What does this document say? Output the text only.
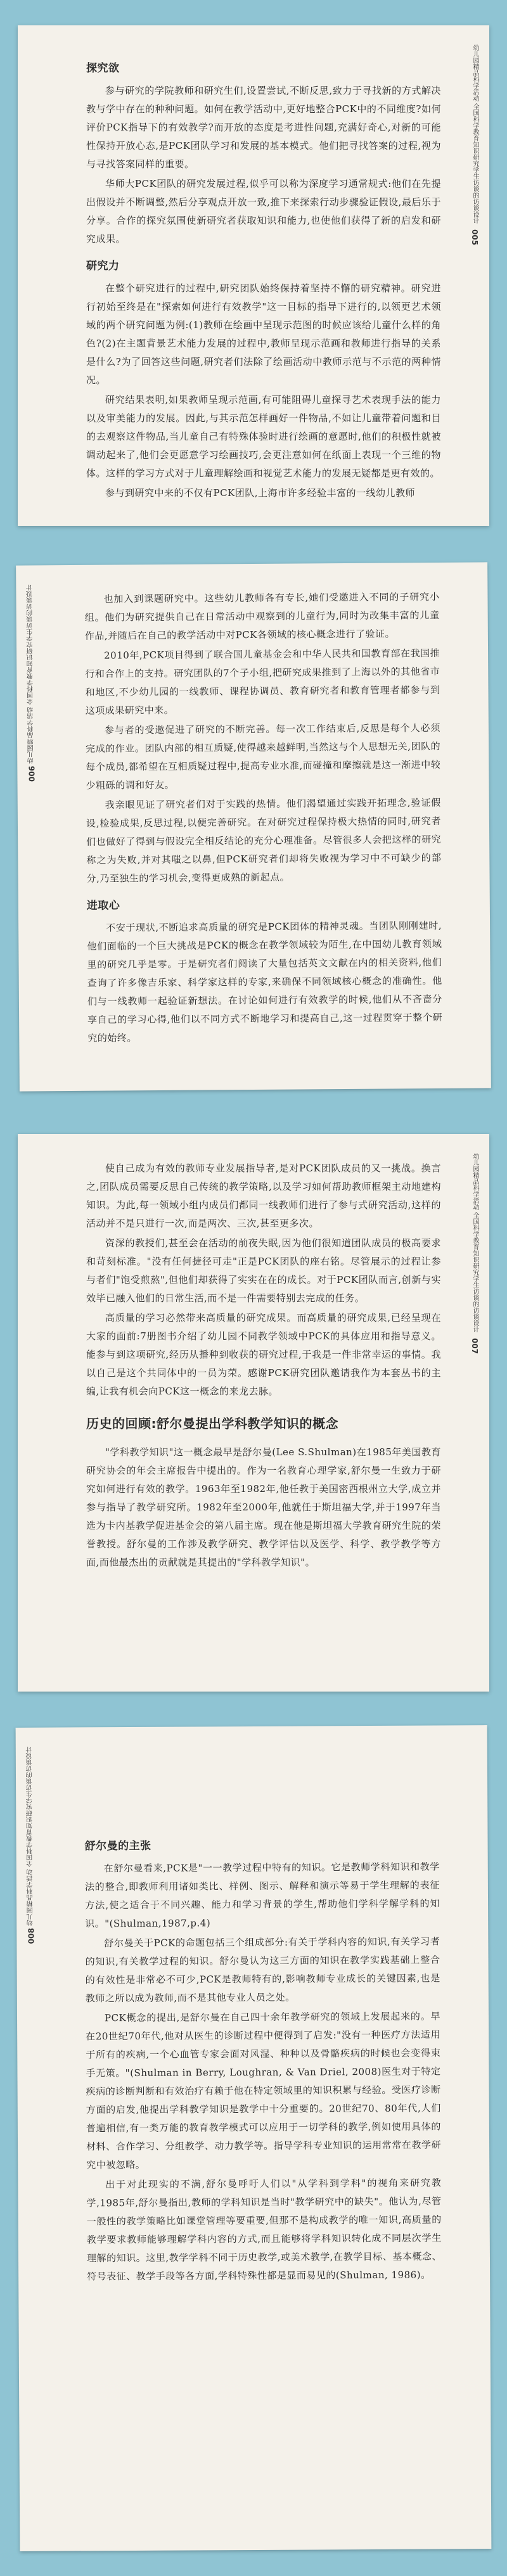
幼儿园精品科学活动 全国科学教育知识研究学生访谈的访谈设计 005
探究欲

参与研究的学院教师和研究生们,设置尝试,不断反思,致力于寻找新的方式解决教与学中存在的种种问题。如何在教学活动中,更好地整合PCK中的不同维度?如何评价PCK指导下的有效教学?而开放的态度是考进性问题,充满好奇心,对新的可能性保持开放心态,是PCK团队学习和发展的基本模式。他们把寻找答案的过程,视为与寻找答案同样的重要。

华师大PCK团队的研究发展过程,似乎可以称为深度学习通常规式:他们在先提出假设并不断调整,然后分享观点开放一致,推下来探索行动步骤验证假设,最后乐于分享。合作的探究氛围使新研究者获取知识和能力,也使他们获得了新的启发和研究成果。

研究力

在整个研究进行的过程中,研究团队始终保持着坚持不懈的研究精神。研究进行初始至终是在"探索如何进行有效教学"这一目标的指导下进行的,以领更艺术领域的两个研究问题为例:(1)教师在绘画中呈现示范图的时候应该给儿童什么样的角色?(2)在主题背景艺术能力发展的过程中,教师呈现示范画和教师进行指导的关系是什么?为了回答这些问题,研究者们法除了绘画活动中教师示范与不示范的两种情况。

研究结果表明,如果教师呈现示范画,有可能阻碍儿童探寻艺术表现手法的能力以及审美能力的发展。因此,与其示范怎样画好一件物品,不如让儿童带着问题和目的去观察这件物品,当儿童自己有特殊体验时进行绘画的意愿时,他们的积极性就被调动起来了,他们会更愿意学习绘画技巧,会更注意如何在纸面上表现一个三维的物体。这样的学习方式对于儿童理解绘画和视觉艺术能力的发展无疑都是更有效的。

参与到研究中来的不仅有PCK团队,上海市许多经验丰富的一线幼儿教师

006 幼儿园精品科学活动 全国科学教育知识研究学生访谈的访谈设计	也加入到课题研究中。这些幼儿教师各有专长,她们受邀进入不同的子研究小组。他们为研究提供自己在日常活动中观察到的儿童行为,同时为改集丰富的儿童作品,并随后在自己的教学活动中对PCK各领域的核心概念进行了验证。

2010年,PCK项目得到了联合国儿童基金会和中华人民共和国教育部在我国推行和合作上的支持。研究团队的7个子小组,把研究成果推到了上海以外的其他省市和地区,不少幼儿园的一线教师、课程协调员、教育研究者和教育管理者都参与到这项成果研究中来。

参与者的受邀促进了研究的不断完善。每一次工作结束后,反思是每个人必须完成的作业。团队内部的相互质疑,使得越来越鲜明,当然这与个人思想无关,团队的每个成员,都希望在互相质疑过程中,提高专业水准,而碰撞和摩擦就是这一渐进中较少粗砾的调和好友。

我亲眼见证了研究者们对于实践的热情。他们渴望通过实践开拓理念,验证假设,检验成果,反思过程,以便完善研究。在对研究过程保持极大热情的同时,研究者们也做好了得到与假设完全相反结论的充分心理准备。尽管很多人会把这样的研究称之为失败,并对其嗤之以鼻,但PCK研究者们却将失败视为学习中不可缺少的部分,乃至独生的学习机会,变得更成熟的新起点。

进取心

不安于现状,不断追求高质量的研究是PCK团体的精神灵魂。当团队刚刚建时,他们面临的一个巨大挑战是PCK的概念在教学领域较为陌生,在中国幼儿教育领域里的研究几乎是零。于是研究者们阅读了大量包括英文文献在内的相关资料,他们查询了许多像吉乐家、科学家这样的专家,来确保不同领域核心概念的准确性。他们与一线教师一起验证新想法。在讨论如何进行有效教学的时候,他们从不吝啬分享自己的学习心得,他们以不同方式不断地学习和提高自己,这一过程贯穿于整个研究的始终。

幼儿园精品科学活动 全国科学教育知识研究学生访谈的访谈设计 007

使自己成为有效的教师专业发展指导者,是对PCK团队成员的又一挑战。换言之,团队成员需要反思自己传统的教学策略,以及学习如何帮助教师框架主动地建构知识。为此,每一领域小组内成员们都同一线教师们进行了参与式研究活动,这样的活动并不是只进行一次,而是两次、三次,甚至更多次。

资深的教授们,甚至会在活动的前夜失眠,因为他们很知道团队成员的极高要求和苛刻标准。"没有任何捷径可走"正是PCK团队的座右铭。尽管展示的过程让参与者们"饱受煎熬",但他们却获得了实实在在的成长。对于PCK团队而言,创新与实效毕已融入他们的日常生活,而不是一件需要特别去完成的任务。

高质量的学习必然带来高质量的研究成果。而高质量的研究成果,已经呈现在大家的面前:7册图书介绍了幼儿园不同教学领域中PCK的具体应用和指导意义。能参与到这项研究,经历从播种到收获的研究过程,于我是一件非常幸运的事情。我以自己是这个共同体中的一员为荣。感谢PCK研究团队邀请我作为本套丛书的主编,让我有机会向PCK这一概念的来龙去脉。

历史的回顾:舒尔曼提出学科教学知识的概念

"学科教学知识"这一概念最早是舒尔曼(Lee S.Shulman)在1985年美国教育研究协会的年会主席报告中提出的。作为一名教育心理学家,舒尔曼一生致力于研究如何进行有效的教学。1963年至1982年,他任教于美国密西根州立大学,成立并参与指导了教学研究所。1982年至2000年,他就任于斯坦福大学,并于1997年当选为卡内基教学促进基金会的第八届主席。现在他是斯坦福大学教育研究生院的荣誉教授。舒尔曼的工作涉及教学研究、教学评估以及医学、科学、教学教学等方面,而他最杰出的贡献就是其提出的"学科教学知识"。

008 幼儿园精品科学活动 全国科学教育知识研究学生访谈的访谈设计	舒尔曼的主张

在舒尔曼看来,PCK是"一一教学过程中特有的知识。它是教师学科知识和教学法的整合,即教师利用诸如类比、样例、图示、解释和演示等易于学生理解的表征方法,使之适合于不同兴趣、能力和学习背景的学生,帮助他们学科学解学科的知识。"(Shulman,1987,p.4)

舒尔曼关于PCK的命题包括三个组成部分:有关于学科内容的知识,有关学习者的知识,有关教学过程的知识。舒尔曼认为这三方面的知识在教学实践基础上整合的有效性是非常必不可少,PCK是教师特有的,影响教师专业成长的关键因素,也是教师之所以成为教师,而不是其他专业人员之处。

PCK概念的提出,是舒尔曼在自己四十余年教学研究的领域上发展起来的。早在20世纪70年代,他对从医生的诊断过程中便得到了启发:"没有一种医疗方法适用于所有的疾病,一个心血管专家会面对风湿、种种以及骨骼疾病的时候也会变得束手无策。"(Shulman in Berry, Loughran, & Van Driel, 2008)医生对于特定疾病的诊断判断和有效治疗有赖于他在特定领域里的知识积累与经验。受医疗诊断方面的启发,他提出学科教学知识是教学中十分重要的。20世纪70、80年代,人们普遍相信,有一类万能的教育教学模式可以应用于一切学科的教学,例如使用具体的材料、合作学习、分组教学、动力教学等。指导学科专业知识的运用常常在教学研究中被忽略。

出于对此现实的不满,舒尔曼呼吁人们以"从学科到学科"的视角来研究教学,1985年,舒尔曼指出,教师的学科知识是当时"教学研究中的缺失"。他认为,尽管一般性的教学策略比如课堂管理等要重要,但那不是构成教学的唯一知识,高质量的教学要求教师能够理解学科内容的方式,而且能够将学科知识转化成不同层次学生理解的知识。这里,教学学科不同于历史教学,或美术教学,在教学目标、基本概念、符号表征、教学手段等各方面,学科特殊性都是显而易见的(Shulman, 1986)。
